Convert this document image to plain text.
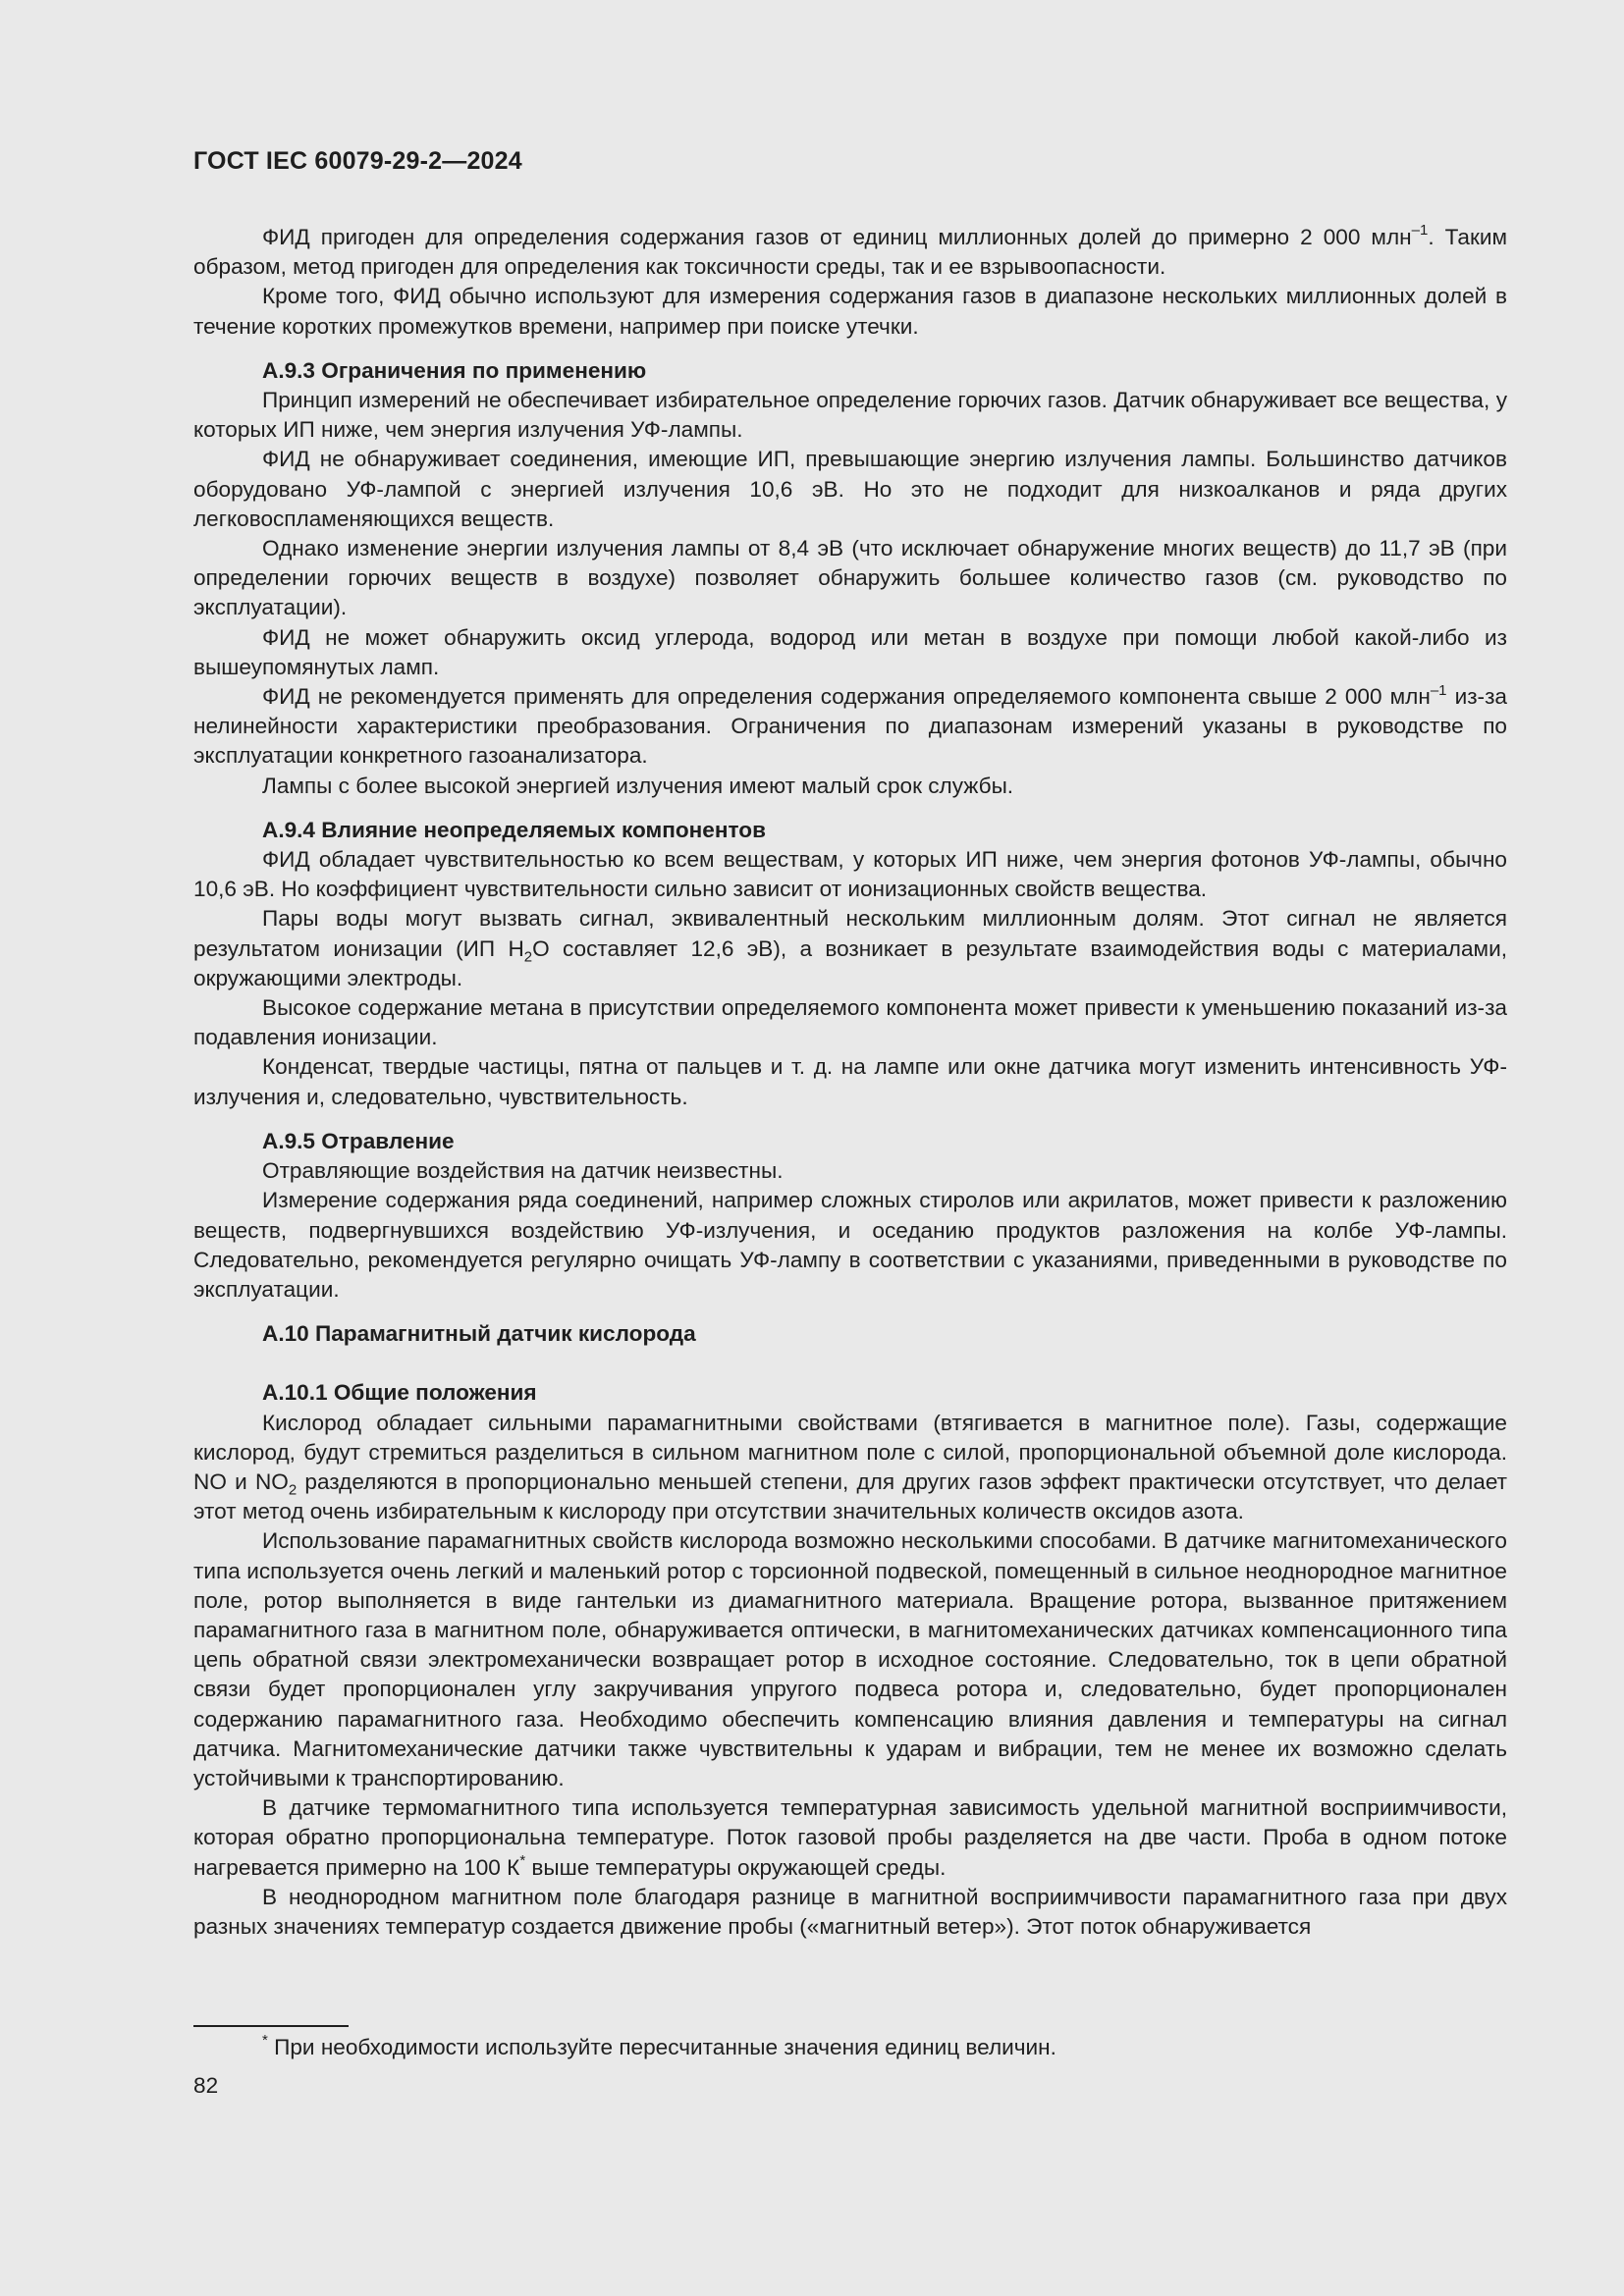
ГОСТ IEC 60079-29-2—2024

ФИД пригоден для определения содержания газов от единиц миллионных долей до примерно 2 000 млн$^{-1}$. Таким образом, метод пригоден для определения как токсичности среды, так и ее взрывоопасности.

Кроме того, ФИД обычно используют для измерения содержания газов в диапазоне нескольких миллионных долей в течение коротких промежутков времени, например при поиске утечки.

А.9.3 Ограничения по применению

Принцип измерений не обеспечивает избирательное определение горючих газов. Датчик обнаруживает все вещества, у которых ИП ниже, чем энергия излучения УФ-лампы.

ФИД не обнаруживает соединения, имеющие ИП, превышающие энергию излучения лампы. Большинство датчиков оборудовано УФ-лампой с энергией излучения 10,6 эВ. Но это не подходит для низкоалканов и ряда других легковоспламеняющихся веществ.

Однако изменение энергии излучения лампы от 8,4 эВ (что исключает обнаружение многих веществ) до 11,7 эВ (при определении горючих веществ в воздухе) позволяет обнаружить большее количество газов (см. руководство по эксплуатации).

ФИД не может обнаружить оксид углерода, водород или метан в воздухе при помощи любой какой-либо из вышеупомянутых ламп.

ФИД не рекомендуется применять для определения содержания определяемого компонента свыше 2 000 млн$^{-1}$ из-за нелинейности характеристики преобразования. Ограничения по диапазонам измерений указаны в руководстве по эксплуатации конкретного газоанализатора.

Лампы с более высокой энергией излучения имеют малый срок службы.

А.9.4 Влияние неопределяемых компонентов

ФИД обладает чувствительностью ко всем веществам, у которых ИП ниже, чем энергия фотонов УФ-лампы, обычно 10,6 эВ. Но коэффициент чувствительности сильно зависит от ионизационных свойств вещества.

Пары воды могут вызвать сигнал, эквивалентный нескольким миллионным долям. Этот сигнал не является результатом ионизации (ИП $H_2O$ составляет 12,6 эВ), а возникает в результате взаимодействия воды с материалами, окружающими электроды.

Высокое содержание метана в присутствии определяемого компонента может привести к уменьшению показаний из-за подавления ионизации.

Конденсат, твердые частицы, пятна от пальцев и т. д. на лампе или окне датчика могут изменить интенсивность УФ-излучения и, следовательно, чувствительность.

А.9.5 Отравление

Отравляющие воздействия на датчик неизвестны.

Измерение содержания ряда соединений, например сложных стиролов или акрилатов, может привести к разложению веществ, подвергнувшихся воздействию УФ-излучения, и оседанию продуктов разложения на колбе УФ-лампы. Следовательно, рекомендуется регулярно очищать УФ-лампу в соответствии с указаниями, приведенными в руководстве по эксплуатации.

А.10 Парамагнитный датчик кислорода

А.10.1 Общие положения

Кислород обладает сильными парамагнитными свойствами (втягивается в магнитное поле). Газы, содержащие кислород, будут стремиться разделиться в сильном магнитном поле с силой, пропорциональной объемной доле кислорода. NO и $NO_2$ разделяются в пропорционально меньшей степени, для других газов эффект практически отсутствует, что делает этот метод очень избирательным к кислороду при отсутствии значительных количеств оксидов азота.

Использование парамагнитных свойств кислорода возможно несколькими способами. В датчике магнитомеханического типа используется очень легкий и маленький ротор с торсионной подвеской, помещенный в сильное неоднородное магнитное поле, ротор выполняется в виде гантельки из диамагнитного материала. Вращение ротора, вызванное притяжением парамагнитного газа в магнитном поле, обнаруживается оптически, в магнитомеханических датчиках компенсационного типа цепь обратной связи электромеханически возвращает ротор в исходное состояние. Следовательно, ток в цепи обратной связи будет пропорционален углу закручивания упругого подвеса ротора и, следовательно, будет пропорционален содержанию парамагнитного газа. Необходимо обеспечить компенсацию влияния давления и температуры на сигнал датчика. Магнитомеханические датчики также чувствительны к ударам и вибрации, тем не менее их возможно сделать устойчивыми к транспортированию.

В датчике термомагнитного типа используется температурная зависимость удельной магнитной восприимчивости, которая обратно пропорциональна температуре. Поток газовой пробы разделяется на две части. Проба в одном потоке нагревается примерно на 100 К* выше температуры окружающей среды.

В неоднородном магнитном поле благодаря разнице в магнитной восприимчивости парамагнитного газа при двух разных значениях температур создается движение пробы («магнитный ветер»). Этот поток обнаруживается

* При необходимости используйте пересчитанные значения единиц величин.
82
